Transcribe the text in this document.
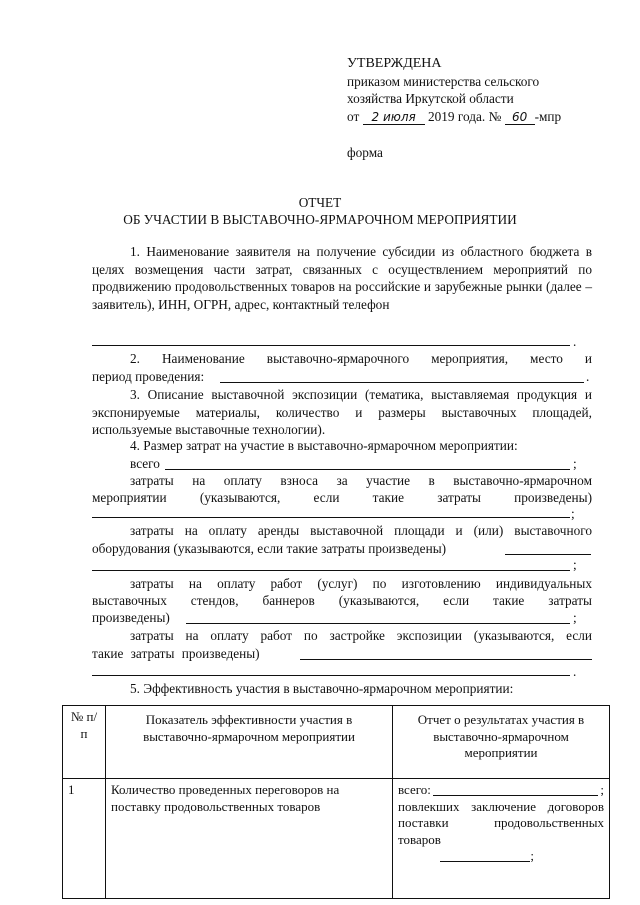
УТВЕРЖДЕНА
приказом министерства сельского
хозяйства Иркутской области
от 2 июля 2019 года. № 60 -мпр
форма
ОТЧЕТ
ОБ УЧАСТИИ В ВЫСТАВОЧНО-ЯРМАРОЧНОМ МЕРОПРИЯТИИ
1. Наименование заявителя на получение субсидии из областного бюджета в целях возмещения части затрат, связанных с осуществлением мероприятий по продвижению продовольственных товаров на российские и зарубежные рынки (далее – заявитель), ИНН, ОГРН, адрес, контактный телефон
.
2. Наименование выставочно-ярмарочного мероприятия, место и
период проведения:	.
3. Описание выставочной экспозиции (тематика, выставляемая продукция и экспонируемые материалы, количество и размеры выставочных площадей, используемые выставочные технологии).
4. Размер затрат на участие в выставочно-ярмарочном мероприятии:
всего	;
затраты на оплату взноса за участие в выставочно-ярмарочном
мероприятии (указываются, если такие затраты произведены)
;
затраты на оплату аренды выставочной площади и (или) выставочного
оборудования (указываются, если такие затраты произведены)
;
затраты на оплату работ (услуг) по изготовлению индивидуальных
выставочных стендов, баннеров (указываются, если такие затраты
произведены)	;
затраты на оплату работ по застройке экспозиции (указываются, если
такие затраты произведены)
.
5. Эффективность участия в выставочно-ярмарочном мероприятии:
№ п/п	Показатель эффективности участия в выставочно-ярмарочном мероприятии	Отчет о результатах участия в выставочно-ярмарочном мероприятии
1	Количество проведенных переговоров на поставку продовольственных товаров	всего: ;
повлекших заключение договоров поставки продовольственных товаров
;
